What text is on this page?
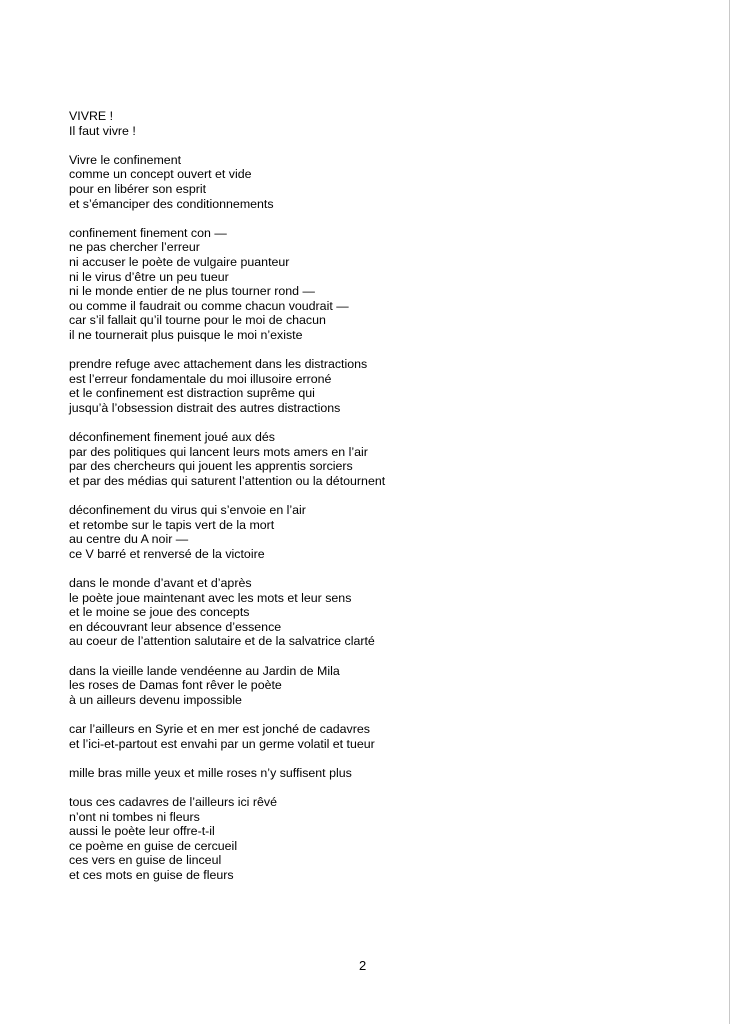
VIVRE !
Il faut vivre !
Vivre le confinement
comme un concept ouvert et vide
pour en libérer son esprit
et s’émanciper des conditionnements
confinement finement con —
ne pas chercher l’erreur
ni accuser le poète de vulgaire puanteur
ni le virus d’être un peu tueur
ni le monde entier de ne plus tourner rond —
ou comme il faudrait ou comme chacun voudrait —
car s’il fallait qu’il tourne pour le moi de chacun
il ne tournerait plus puisque le moi n’existe
prendre refuge avec attachement dans les distractions
est l’erreur fondamentale du moi illusoire erroné
et le confinement est distraction suprême qui
jusqu’à l’obsession distrait des autres distractions
déconfinement finement joué aux dés
par des politiques qui lancent leurs mots amers en l’air
par des chercheurs qui jouent les apprentis sorciers
et par des médias qui saturent l’attention ou la détournent
déconfinement du virus qui s’envoie en l’air
et retombe sur le tapis vert de la mort
au centre du A noir —
ce V barré et renversé de la victoire
dans le monde d’avant et d’après
le poète joue maintenant avec les mots et leur sens
et le moine se joue des concepts
en découvrant leur absence d’essence
au coeur de l’attention salutaire et de la salvatrice clarté
dans la vieille lande vendéenne au Jardin de Mila
les roses de Damas font rêver le poète
à un ailleurs devenu impossible
car l’ailleurs en Syrie et en mer est jonché de cadavres
et l’ici-et-partout est envahi par un germe volatil et tueur
mille bras mille yeux et mille roses n’y suffisent plus
tous ces cadavres de l’ailleurs ici rêvé
n’ont ni tombes ni fleurs
aussi le poète leur offre-t-il
ce poème en guise de cercueil
ces vers en guise de linceul
et ces mots en guise de fleurs
2
